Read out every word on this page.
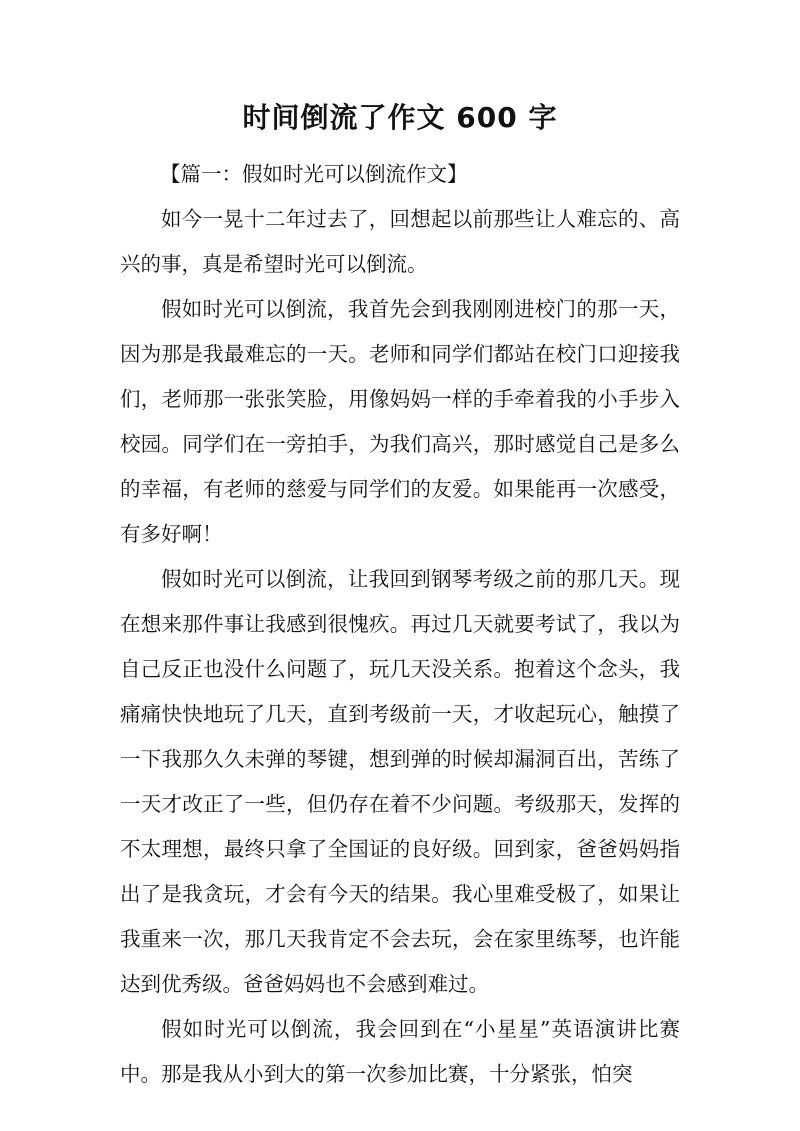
时间倒流了作文 600 字

【篇一：假如时光可以倒流作文】

如今一晃十二年过去了，回想起以前那些让人难忘的、高兴的事，真是希望时光可以倒流。

假如时光可以倒流，我首先会到我刚刚进校门的那一天，因为那是我最难忘的一天。老师和同学们都站在校门口迎接我们，老师那一张张笑脸，用像妈妈一样的手牵着我的小手步入校园。同学们在一旁拍手，为我们高兴，那时感觉自己是多么的幸福，有老师的慈爱与同学们的友爱。如果能再一次感受，有多好啊！

假如时光可以倒流，让我回到钢琴考级之前的那几天。现在想来那件事让我感到很愧疚。再过几天就要考试了，我以为自己反正也没什么问题了，玩几天没关系。抱着这个念头，我痛痛快快地玩了几天，直到考级前一天，才收起玩心，触摸了一下我那久久未弹的琴键，想到弹的时候却漏洞百出，苦练了一天才改正了一些，但仍存在着不少问题。考级那天，发挥的不太理想，最终只拿了全国证的良好级。回到家，爸爸妈妈指出了是我贪玩，才会有今天的结果。我心里难受极了，如果让我重来一次，那几天我肯定不会去玩，会在家里练琴，也许能达到优秀级。爸爸妈妈也不会感到难过。

假如时光可以倒流，我会回到在“小星星”英语演讲比赛中。那是我从小到大的第一次参加比赛，十分紧张，怕突
